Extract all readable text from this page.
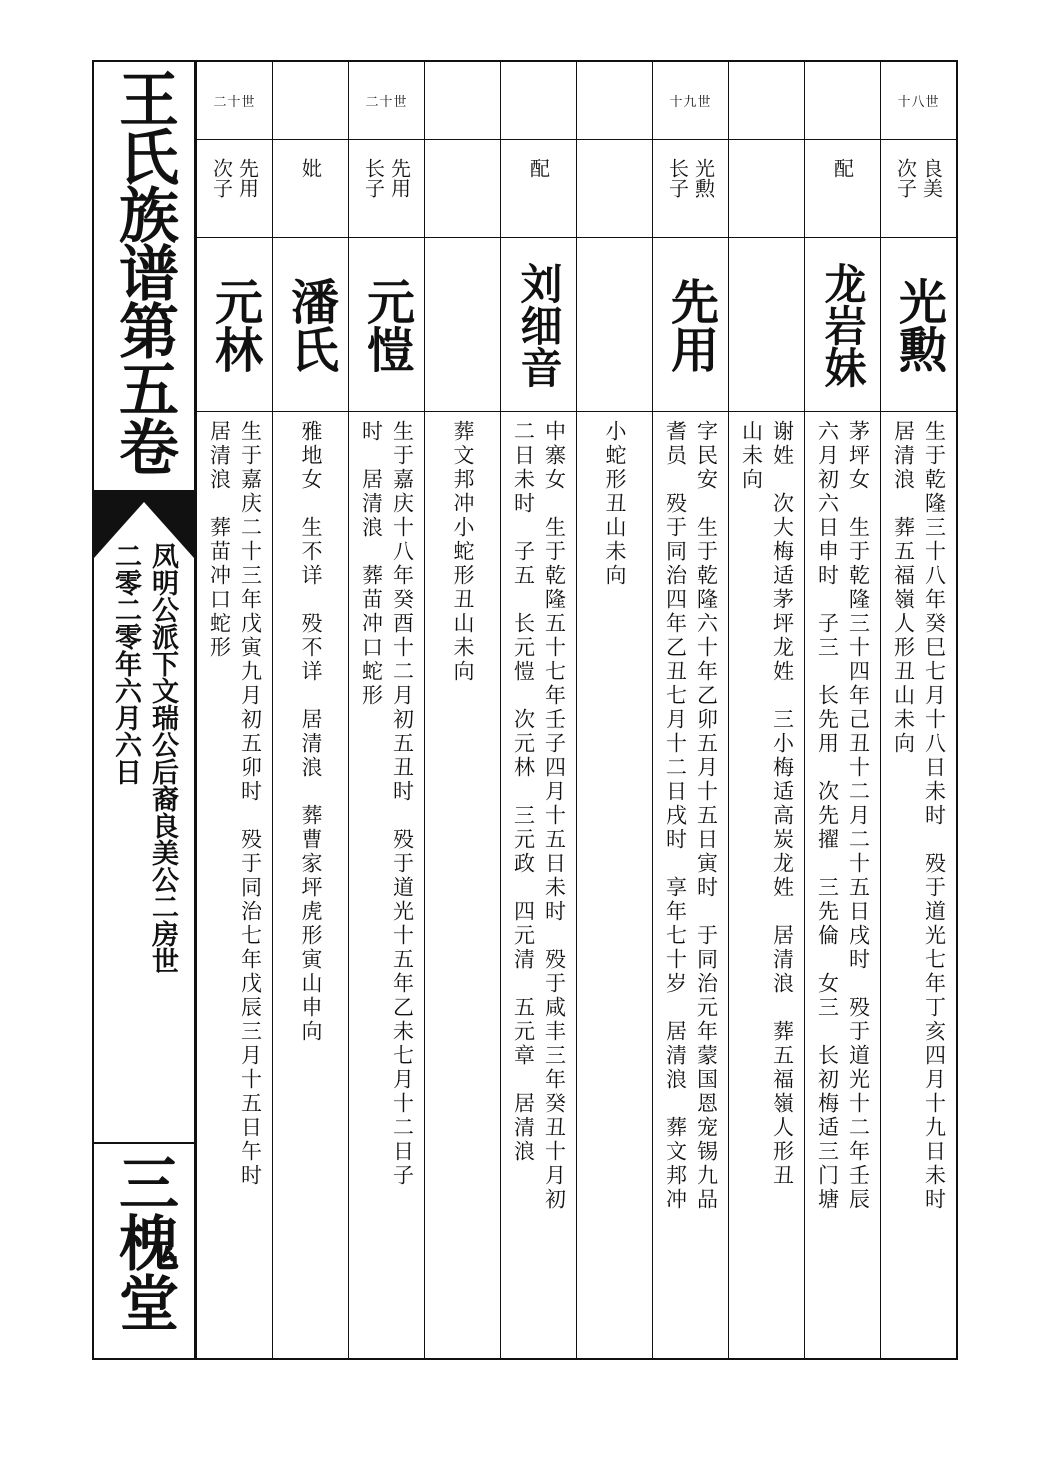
王氏族谱第五卷
凤明公派下文瑞公后裔良美公二房世
二零二零年六月六日
三槐堂
十八世
良美
次子
光勲
生于乾隆三十八年癸巳七月十八日未时　殁于道光七年丁亥四月十九日未时
居清浪　葬五福嶺人形丑山未向
配
龙岩妹
茅坪女　生于乾隆三十四年己丑十二月二十五日戌时　殁于道光十二年壬辰
六月初六日申时　子三　长先用　次先擢　三先倫　女三　长初梅适三门塘
谢姓　次大梅适茅坪龙姓　三小梅适高炭龙姓　居清浪　葬五福嶺人形丑
山未向
十九世
光勲
长子
先用
字民安　生于乾隆六十年乙卯五月十五日寅时　于同治元年蒙国恩宠锡九品
耆员　殁于同治四年乙丑七月十二日戌时　享年七十岁　居清浪　葬文邦冲
小蛇形丑山未向
配
刘细音
中寨女　生于乾隆五十七年壬子四月十五日未时　殁于咸丰三年癸丑十月初
二日未时　子五　长元愷　次元林　三元政　四元清　五元章　居清浪
葬文邦冲小蛇形丑山未向
二十世
先用
长子
元愷
生于嘉庆十八年癸酉十二月初五丑时　殁于道光十五年乙未七月十二日子
时　居清浪　葬苗冲口蛇形
妣
潘氏
雅地女　生不详　殁不详　居清浪　葬曹家坪虎形寅山申向
二十世
先用
次子
元林
生于嘉庆二十三年戊寅九月初五卯时　殁于同治七年戊辰三月十五日午时
居清浪　葬苗冲口蛇形
